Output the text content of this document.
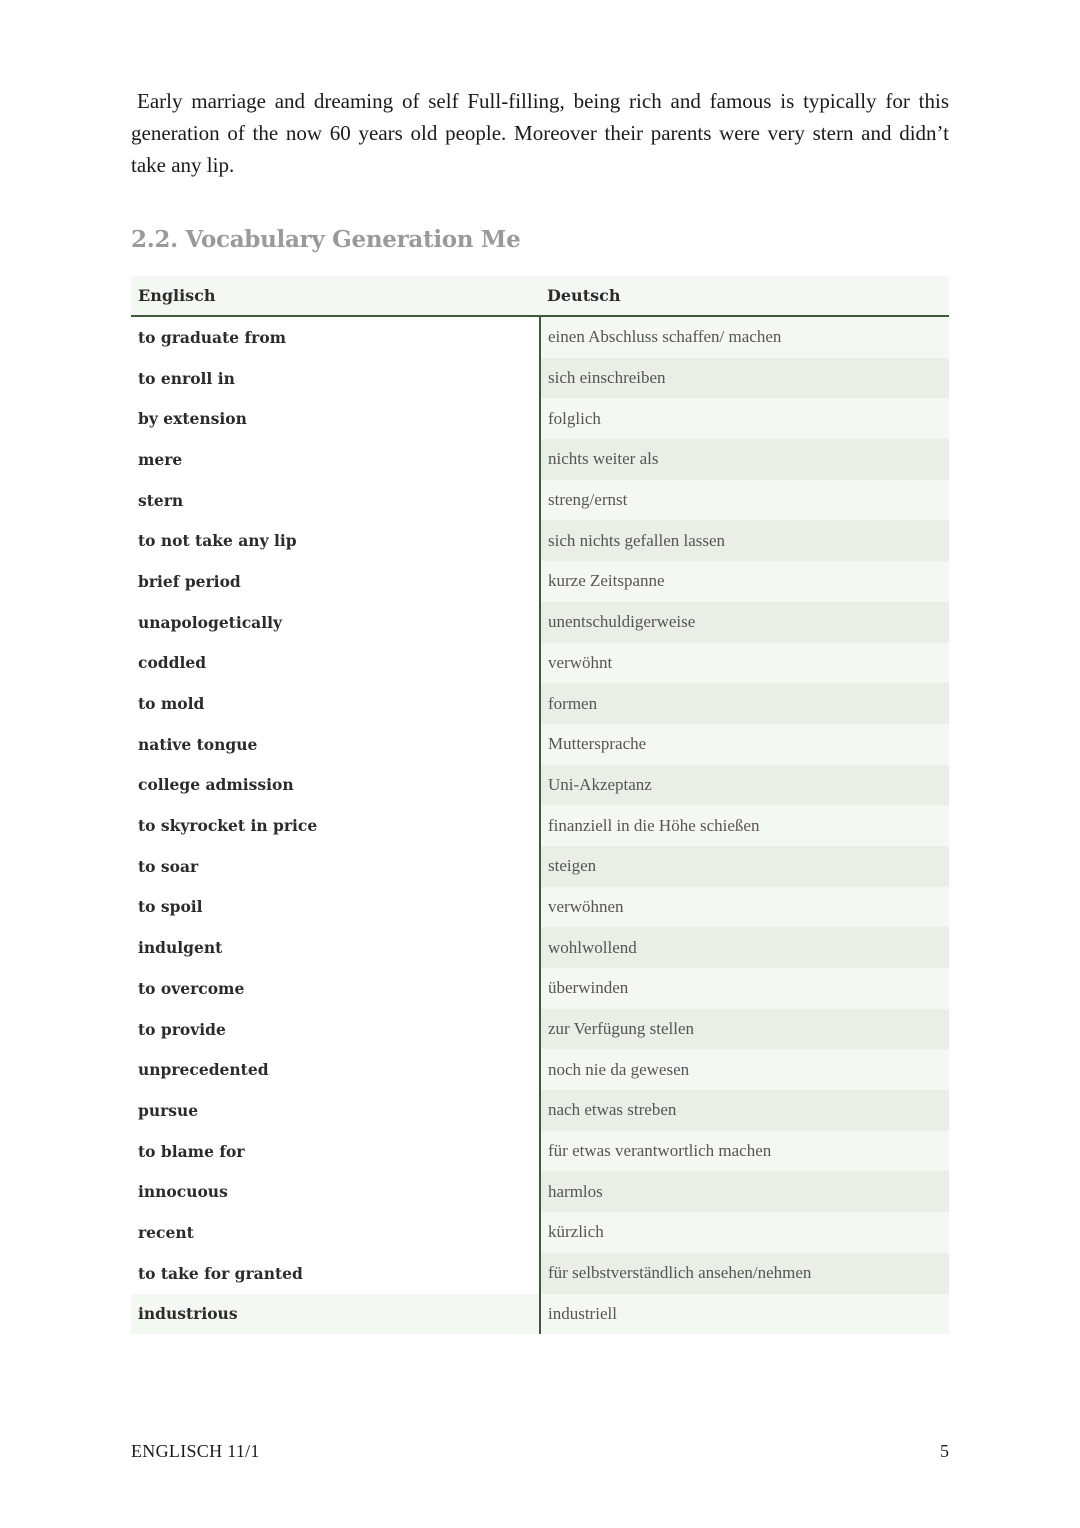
Early marriage and dreaming of self Full-filling, being rich and famous is typically for this generation of the now 60 years old people. Moreover their parents were very stern and didn’t take any lip.

2.2. Vocabulary Generation Me
Englisch	Deutsch
to graduate from	einen Abschluss schaffen/ machen
to enroll in	sich einschreiben
by extension	folglich
mere	nichts weiter als
stern	streng/ernst
to not take any lip	sich nichts gefallen lassen
brief period	kurze Zeitspanne
unapologetically	unentschuldigerweise
coddled	verwöhnt
to mold	formen
native tongue	Muttersprache
college admission	Uni-Akzeptanz
to skyrocket in price	finanziell in die Höhe schießen
to soar	steigen
to spoil	verwöhnen
indulgent	wohlwollend
to overcome	überwinden
to provide	zur Verfügung stellen
unprecedented	noch nie da gewesen
pursue	nach etwas streben
to blame for	für etwas verantwortlich machen
innocuous	harmlos
recent	kürzlich
to take for granted	für selbstverständlich ansehen/nehmen
industrious	industriell
ENGLISCH 11/1	5
